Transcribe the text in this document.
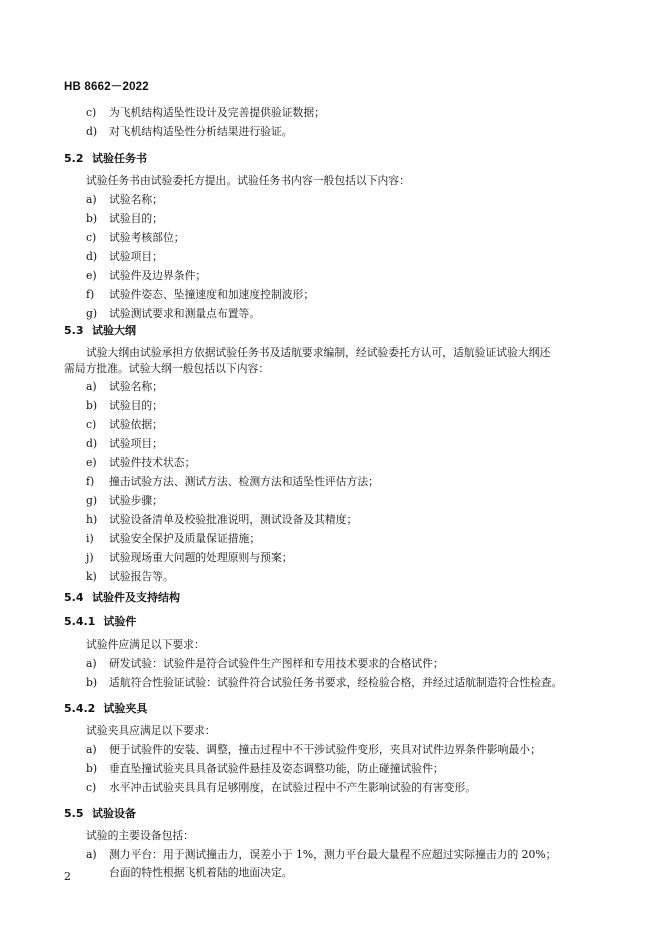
HB 8662－2022
c) 为飞机结构适坠性设计及完善提供验证数据；
d) 对飞机结构适坠性分析结果进行验证。
5.2 试验任务书
试验任务书由试验委托方提出。试验任务书内容一般包括以下内容：
a) 试验名称；
b) 试验目的；
c) 试验考核部位；
d) 试验项目；
e) 试验件及边界条件；
f) 试验件姿态、坠撞速度和加速度控制波形；
g) 试验测试要求和测量点布置等。
5.3 试验大纲
试验大纲由试验承担方依据试验任务书及适航要求编制，经试验委托方认可，适航验证试验大纲还
需局方批准。试验大纲一般包括以下内容：
a) 试验名称；
b) 试验目的；
c) 试验依据；
d) 试验项目；
e) 试验件技术状态；
f) 撞击试验方法、测试方法、检测方法和适坠性评估方法；
g) 试验步骤；
h) 试验设备清单及校验批准说明，测试设备及其精度；
i) 试验安全保护及质量保证措施；
j) 试验现场重大问题的处理原则与预案；
k) 试验报告等。
5.4 试验件及支持结构
5.4.1 试验件
试验件应满足以下要求：
a) 研发试验：试验件是符合试验件生产图样和专用技术要求的合格试件；
b) 适航符合性验证试验：试验件符合试验任务书要求，经检验合格，并经过适航制造符合性检查。
5.4.2 试验夹具
试验夹具应满足以下要求：
a) 便于试验件的安装、调整，撞击过程中不干涉试验件变形，夹具对试件边界条件影响最小；
b) 垂直坠撞试验夹具具备试验件悬挂及姿态调整功能，防止碰撞试验件；
c) 水平冲击试验夹具具有足够刚度，在试验过程中不产生影响试验的有害变形。
5.5 试验设备
试验的主要设备包括：
a) 测力平台：用于测试撞击力，误差小于 1%，测力平台最大量程不应超过实际撞击力的 20%；
台面的特性根据飞机着陆的地面决定。
2
